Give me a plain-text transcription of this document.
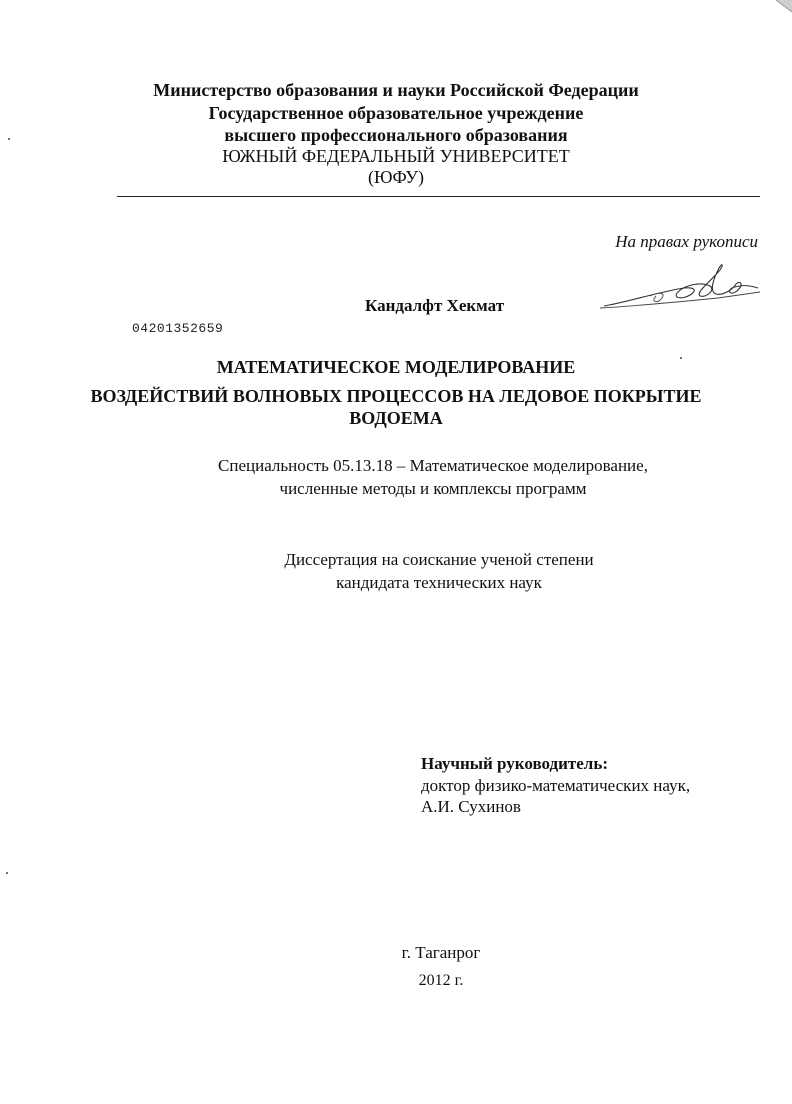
Министерство образования и науки Российской Федерации
Государственное образовательное учреждение
высшего профессионального образования
ЮЖНЫЙ ФЕДЕРАЛЬНЫЙ УНИВЕРСИТЕТ
(ЮФУ)
На правах рукописи
Кандалфт Хекмат
04201352659
МАТЕМАТИЧЕСКОЕ МОДЕЛИРОВАНИЕ
ВОЗДЕЙСТВИЙ ВОЛНОВЫХ ПРОЦЕССОВ НА ЛЕДОВОЕ ПОКРЫТИЕ
ВОДОЕМА
Специальность 05.13.18 – Математическое моделирование,
численные методы и комплексы программ
Диссертация на соискание ученой степени
кандидата технических наук
Научный руководитель:
доктор физико-математических наук,
А.И. Сухинов
г. Таганрог
2012 г.
